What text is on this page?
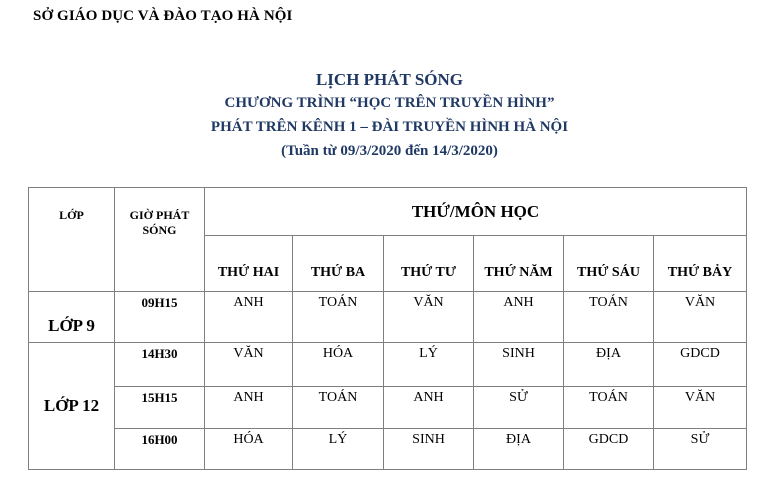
SỞ GIÁO DỤC VÀ ĐÀO TẠO HÀ NỘI
LỊCH PHÁT SÓNG
CHƯƠNG TRÌNH “HỌC TRÊN TRUYỀN HÌNH”
PHÁT TRÊN KÊNH 1 – ĐÀI TRUYỀN HÌNH HÀ NỘI
(Tuần từ 09/3/2020 đến 14/3/2020)
LỚP	GIỜ PHÁT SÓNG	THỨ/MÔN HỌC					
		THỨ HAI	THỨ BA	THỨ TƯ	THỨ NĂM	THỨ SÁU	THỨ BẢY
LỚP 9	09H15	ANH	TOÁN	VĂN	ANH	TOÁN	VĂN
LỚP 12	14H30	VĂN	HÓA	LÝ	SINH	ĐỊA	GDCD
	15H15	ANH	TOÁN	ANH	SỬ	TOÁN	VĂN
	16H00	HÓA	LÝ	SINH	ĐỊA	GDCD	SỬ
